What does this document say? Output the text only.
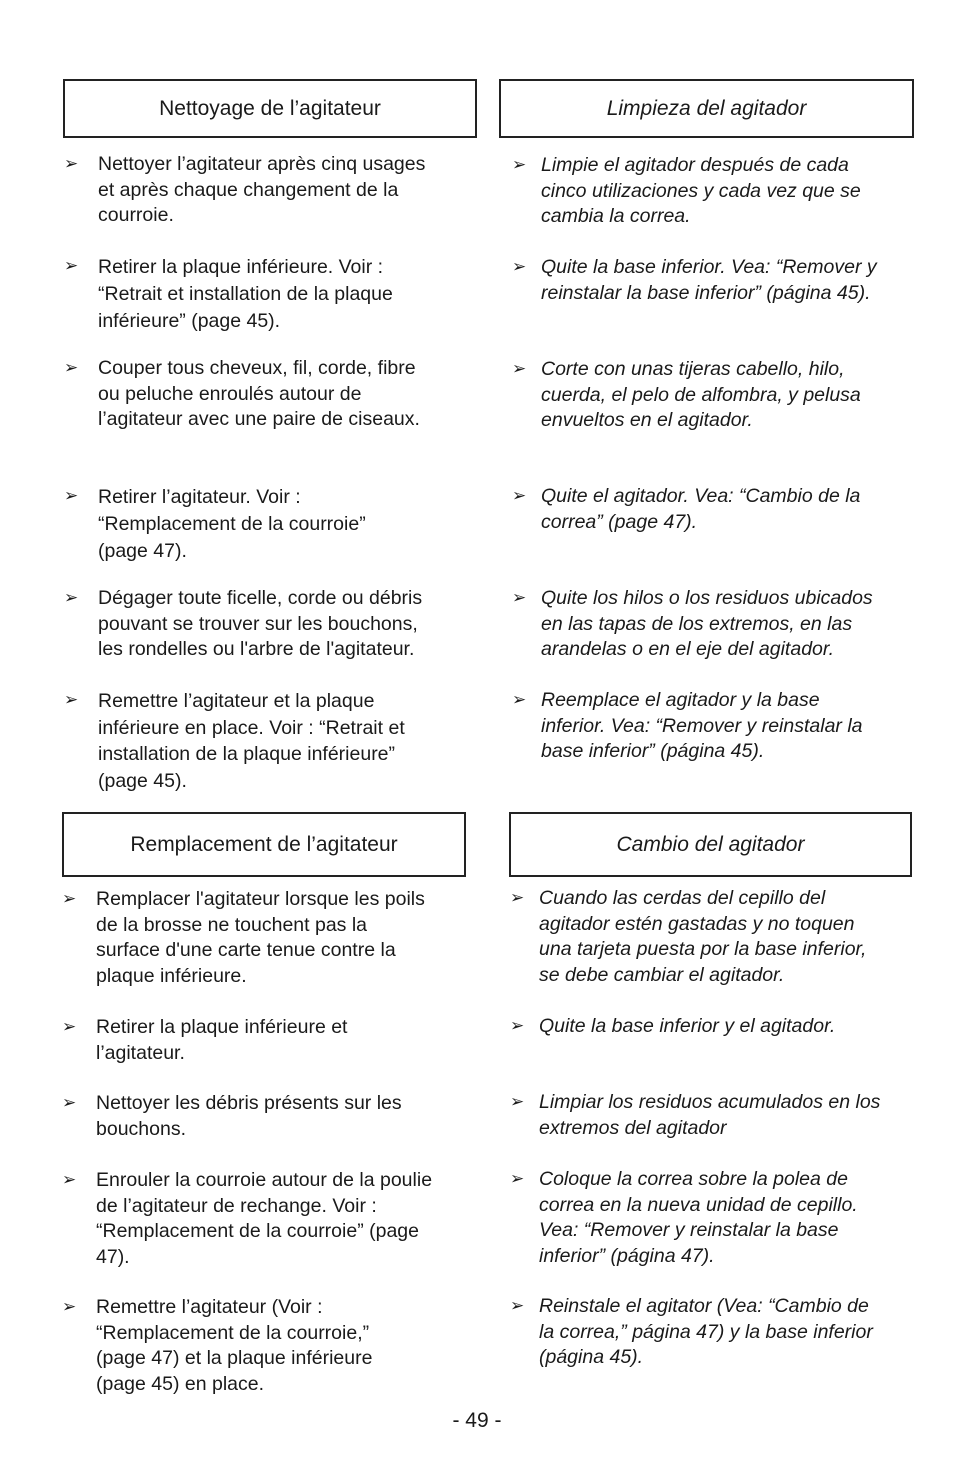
Nettoyage de l’agitateur	Limpieza del agitador
Remplacement de l’agitateur	Cambio del agitador
➢ Nettoyer l’agitateur après cinq usages
et après chaque changement de la
courroie.
➢ Retirer la plaque inférieure. Voir :
“Retrait et installation de la plaque
inférieure” (page 45).
➢ Couper tous cheveux, fil, corde, fibre
ou peluche enroulés autour de
l’agitateur avec une paire de ciseaux.
➢ Retirer l’agitateur. Voir :
“Remplacement de la courroie”
(page 47).
➢ Dégager toute ficelle, corde ou débris
pouvant se trouver sur les bouchons,
les rondelles ou l'arbre de l'agitateur.
➢ Remettre l’agitateur et la plaque
inférieure en place. Voir : “Retrait et
installation de la plaque inférieure”
(page 45).
➢ Limpie el agitador después de cada
cinco utilizaciones y cada vez que se
cambia la correa.
➢ Quite la base inferior. Vea: “Remover y
reinstalar la base inferior” (página 45).
➢ Corte con unas tijeras cabello, hilo,
cuerda, el pelo de alfombra, y pelusa
envueltos en el agitador.
➢ Quite el agitador. Vea: “Cambio de la
correa” (page 47).
➢ Quite los hilos o los residuos ubicados
en las tapas de los extremos, en las
arandelas o en el eje del agitador.
➢ Reemplace el agitador y la base
inferior. Vea: “Remover y reinstalar la
base inferior” (página 45).
➢ Remplacer l'agitateur lorsque les poils
de la brosse ne touchent pas la
surface d'une carte tenue contre la
plaque inférieure.
➢ Retirer la plaque inférieure et
l’agitateur.
➢ Nettoyer les débris présents sur les
bouchons.
➢ Enrouler la courroie autour de la poulie
de l’agitateur de rechange. Voir :
“Remplacement de la courroie” (page
47).
➢ Remettre l’agitateur (Voir :
“Remplacement de la courroie,”
(page 47) et la plaque inférieure
(page 45) en place.
➢ Cuando las cerdas del cepillo del
agitador estén gastadas y no toquen
una tarjeta puesta por la base inferior,
se debe cambiar el agitador.
➢ Quite la base inferior y el agitador.
➢ Limpiar los residuos acumulados en los
extremos del agitador
➢ Coloque la correa sobre la polea de
correa en la nueva unidad de cepillo.
Vea: “Remover y reinstalar la base
inferior” (página 47).
➢ Reinstale el agitator (Vea: “Cambio de
la correa,” página 47) y la base inferior
(página 45).
- 49 -
